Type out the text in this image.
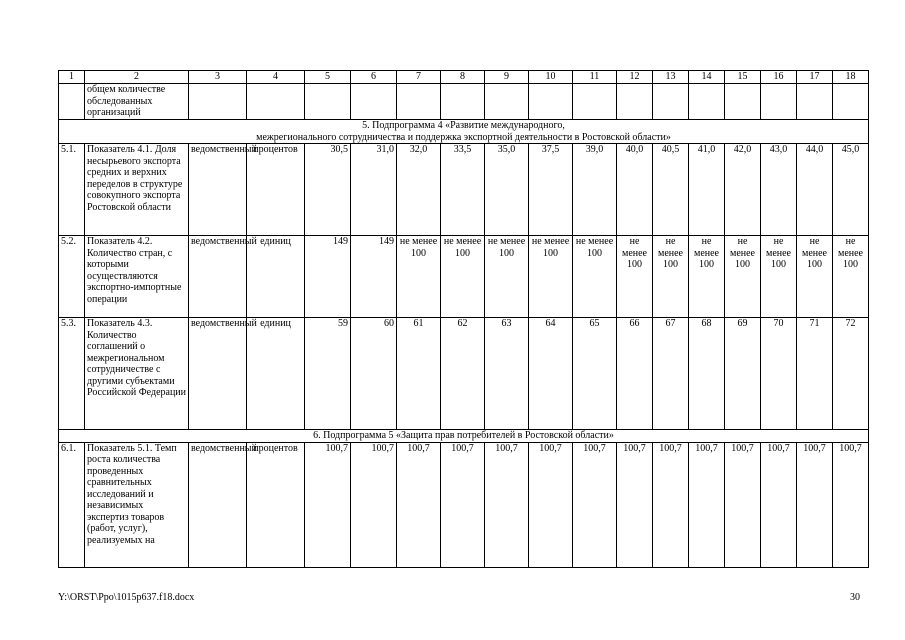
1	2	3	4	5	6	7	8	9	10	11	12	13	14	15	16	17	18
	общем количестве обследованных организаций																

5. Подпрограмма 4 «Развитие международного,
межрегионального сотрудничества и поддержка экспортной деятельности в Ростовской области»																	

5.1.	Показатель 4.1. Доля несырьевого экспорта средних и верхних переделов в структуре совокупного экспорта Ростовской области	ведомственный	процентов	30,5	31,0	32,0	33,5	35,0	37,5	39,0	40,0	40,5	41,0	42,0	43,0	44,0	45,0
5.2.	Показатель 4.2. Количество стран, с которыми осуществляются экспортно-импортные операции	ведомственный	единиц	149	149	не менее 100	не менее 100	не менее 100	не менее 100	не менее 100	не менее 100	не менее 100	не менее 100	не менее 100	не менее 100	не менее 100	не менее 100
5.3.	Показатель 4.3. Количество соглашений о межрегиональном сотрудничестве с другими субъектами Российской Федерации	ведомственный	единиц	59	60	61	62	63	64	65	66	67	68	69	70	71	72
6. Подпрограмма 5 «Защита прав потребителей в Ростовской области»																	
6.1.	Показатель 5.1. Темп роста количества проведенных сравнительных исследований и независимых экспертиз товаров (работ, услуг), реализуемых на	ведомственный	процентов	100,7	100,7	100,7	100,7	100,7	100,7	100,7	100,7	100,7	100,7	100,7	100,7	100,7	100,7
Y:\ORST\Ppo\1015p637.f18.docx	30
